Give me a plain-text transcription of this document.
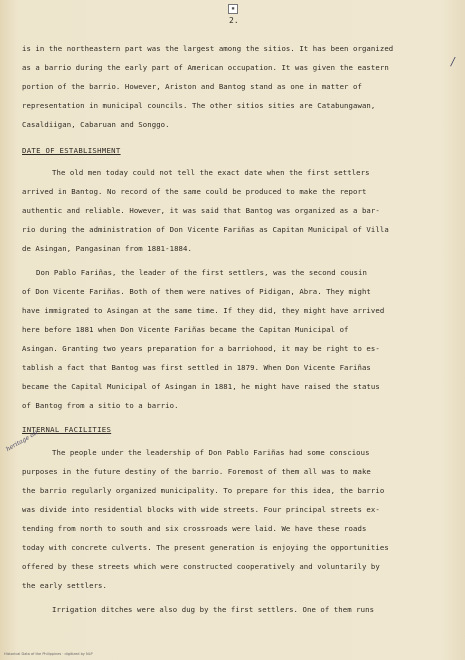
▪
2.
is in the northeastern part was the largest among the sitios. It has been organized
as a barrio during the early part of American occupation. It was given the eastern
portion of the barrio. However, Ariston and Bantog stand as one in matter of
representation in municipal councils. The other sitios sities are Catabungawan,
Casaldiigan, Cabaruan and Songgo.
DATE OF ESTABLISHMENT
The old men today could not tell the exact date when the first settlers
arrived in Bantog. No record of the same could be produced to make the report
authentic and reliable. However, it was said that Bantog was organized as a bar-
rio during the administration of Don Vicente Fariñas as Capitan Municipal of Villa
de Asingan, Pangasinan from 1881-1884.
Don Pablo Fariñas, the leader of the first settlers, was the second cousin
of Don Vicente Fariñas. Both of them were natives of Pidigan, Abra. They might
have immigrated to Asingan at the same time. If they did, they might have arrived
here before 1881 when Don Vicente Fariñas became the Capitan Municipal of
Asingan. Granting two years preparation for a barriohood, it may be right to es-
tablish a fact that Bantog was first settled in 1879. When Don Vicente Fariñas
became the Capital Municipal of Asingan in 1881, he might have raised the status
of Bantog from a sitio to a barrio.
INTERNAL FACILITIES
The people under the leadership of Don Pablo Fariñas had some conscious
purposes in the future destiny of the barrio. Foremost of them all was to make
the barrio regularly organized municipality. To prepare for this idea, the barrio
was divide into residential blocks with wide streets. Four principal streets ex-
tending from north to south and six crossroads were laid. We have these roads
today with concrete culverts. The present generation is enjoying the opportunities
offered by these streets which were constructed cooperatively and voluntarily by
the early settlers.
Irrigation ditches were also dug by the first settlers. One of them runs
heritage ott
/
Historical Data of the Philippines · digitized by NLP
